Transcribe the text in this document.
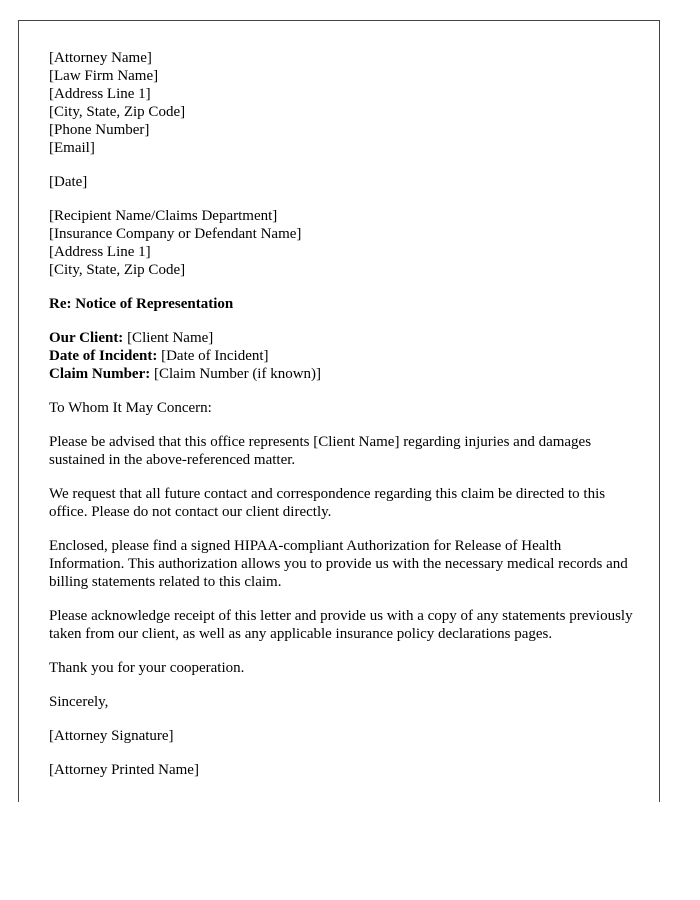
[Attorney Name]
[Law Firm Name]
[Address Line 1]
[City, State, Zip Code]
[Phone Number]
[Email]
[Date]
[Recipient Name/Claims Department]
[Insurance Company or Defendant Name]
[Address Line 1]
[City, State, Zip Code]
Re: Notice of Representation
Our Client: [Client Name]
Date of Incident: [Date of Incident]
Claim Number: [Claim Number (if known)]

To Whom It May Concern:

Please be advised that this office represents [Client Name] regarding injuries and damages sustained in the above-referenced matter.

We request that all future contact and correspondence regarding this claim be directed to this office. Please do not contact our client directly.

Enclosed, please find a signed HIPAA-compliant Authorization for Release of Health Information. This authorization allows you to provide us with the necessary medical records and billing statements related to this claim.

Please acknowledge receipt of this letter and provide us with a copy of any statements previously taken from our client, as well as any applicable insurance policy declarations pages.

Thank you for your cooperation.

Sincerely,

[Attorney Signature]

[Attorney Printed Name]
